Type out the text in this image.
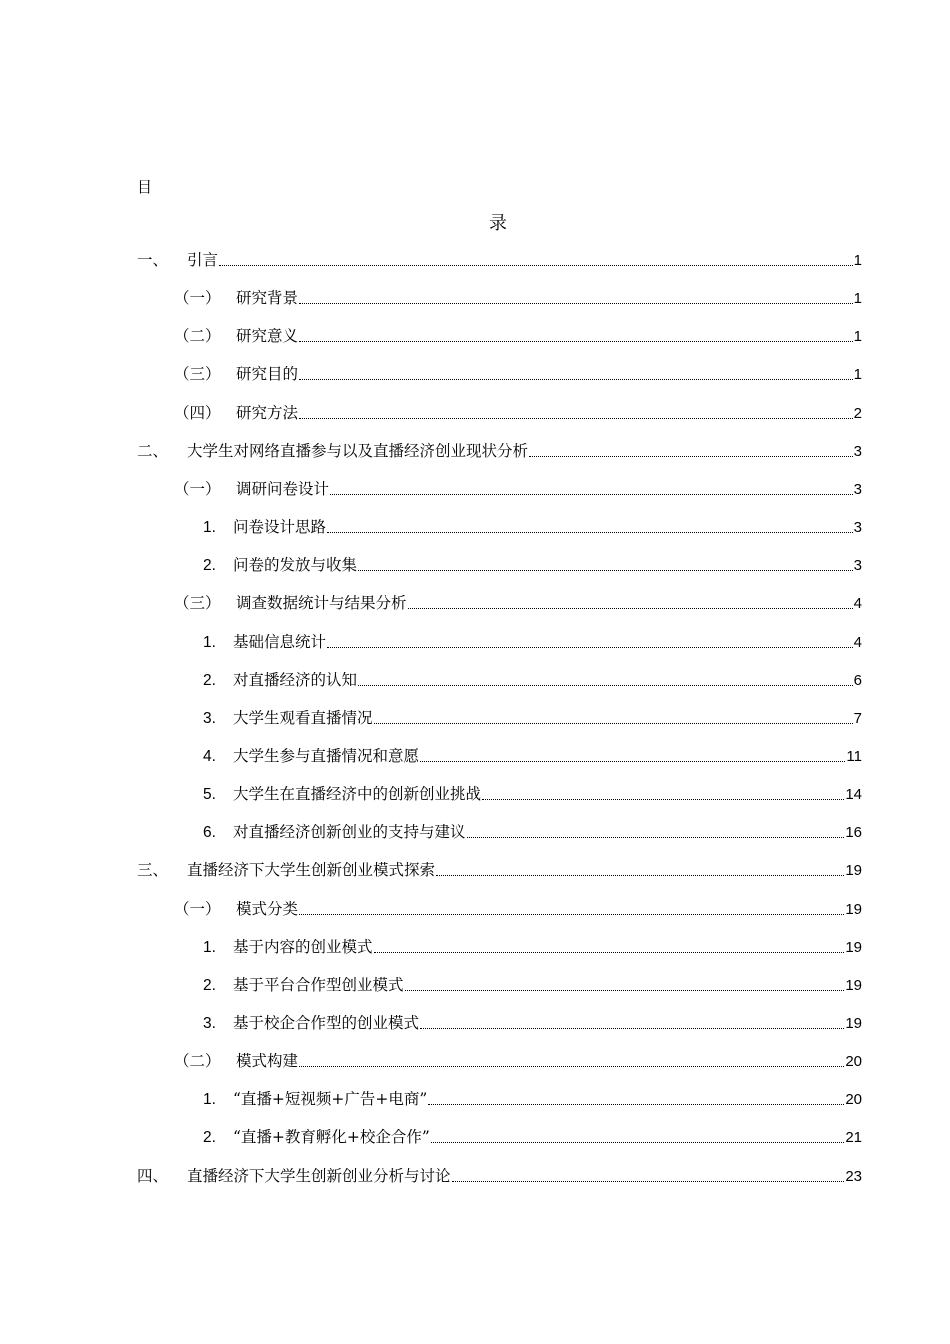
目
录
一、	引言	1
（一） 研究背景	1
（二） 研究意义	1
（三） 研究目的	1
（四） 研究方法	2
二、	大学生对网络直播参与以及直播经济创业现状分析	3
（一） 调研问卷设计	3
1.	问卷设计思路	3
2.	问卷的发放与收集	3
（三） 调查数据统计与结果分析	4
1.	基础信息统计	4
2.	对直播经济的认知	6
3.	大学生观看直播情况	7
4.	大学生参与直播情况和意愿	11
5.	大学生在直播经济中的创新创业挑战	14
6.	对直播经济创新创业的支持与建议	16
三、	直播经济下大学生创新创业模式探索	19
（一） 模式分类	19
1.	基于内容的创业模式	19
2.	基于平台合作型创业模式	19
3.	基于校企合作型的创业模式	19
（二） 模式构建	20
1.	“直播+短视频+广告+电商”	20
2.	“直播+教育孵化+校企合作”	21
四、	直播经济下大学生创新创业分析与讨论	23
